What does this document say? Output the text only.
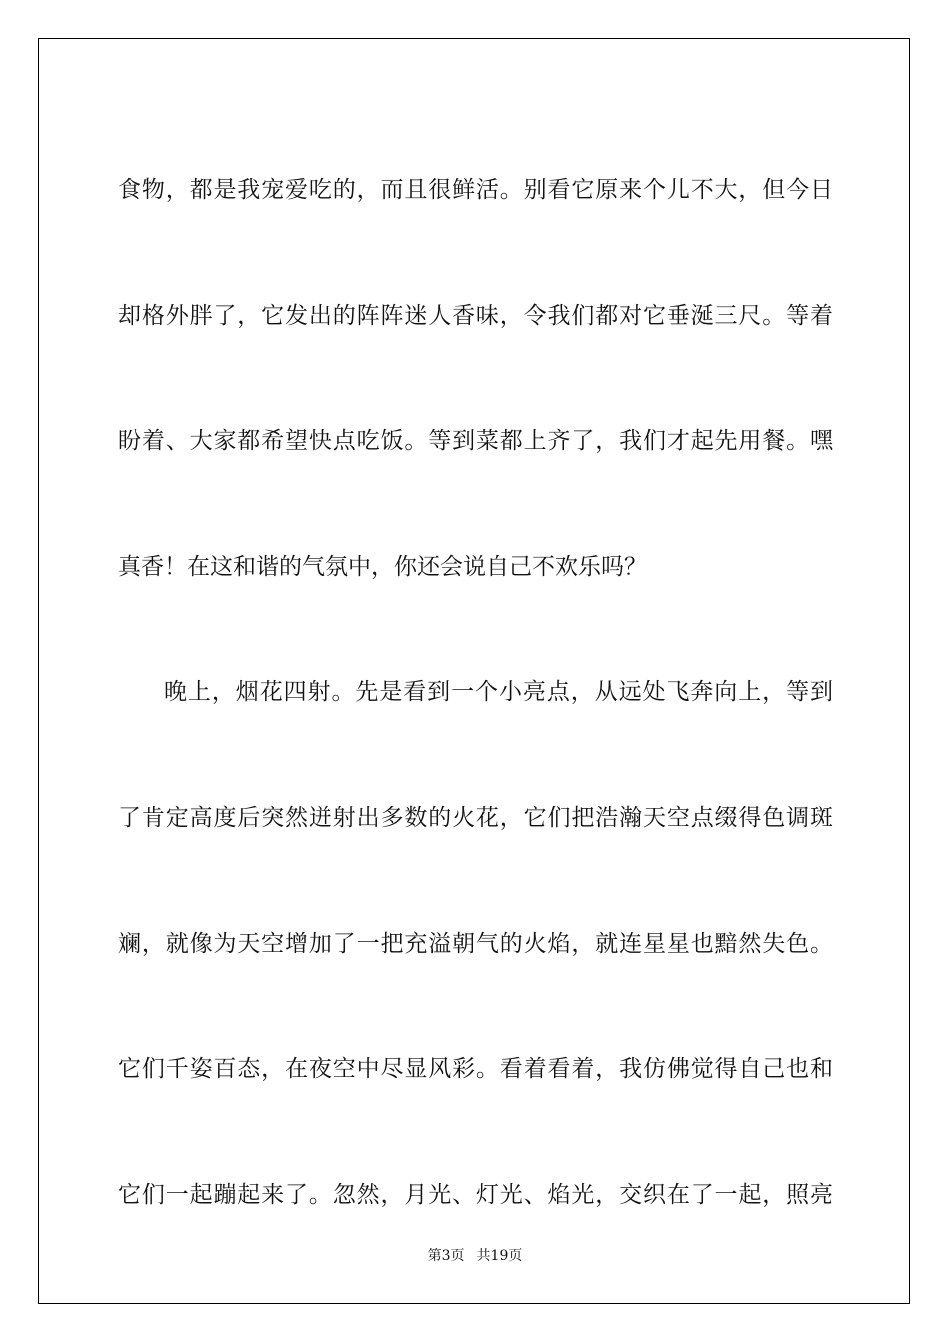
食物，都是我宠爱吃的，而且很鲜活。别看它原来个儿不大，但今日
却格外胖了，它发出的阵阵迷人香味，令我们都对它垂涎三尺。等着
盼着、大家都希望快点吃饭。等到菜都上齐了，我们才起先用餐。嘿
真香！在这和谐的气氛中，你还会说自己不欢乐吗？
晚上，烟花四射。先是看到一个小亮点，从远处飞奔向上，等到
了肯定高度后突然迸射出多数的火花，它们把浩瀚天空点缀得色调斑
斓，就像为天空增加了一把充溢朝气的火焰，就连星星也黯然失色。
它们千姿百态，在夜空中尽显风彩。看着看着，我仿佛觉得自己也和
它们一起蹦起来了。忽然，月光、灯光、焰光，交织在了一起，照亮
第3页 共19页
